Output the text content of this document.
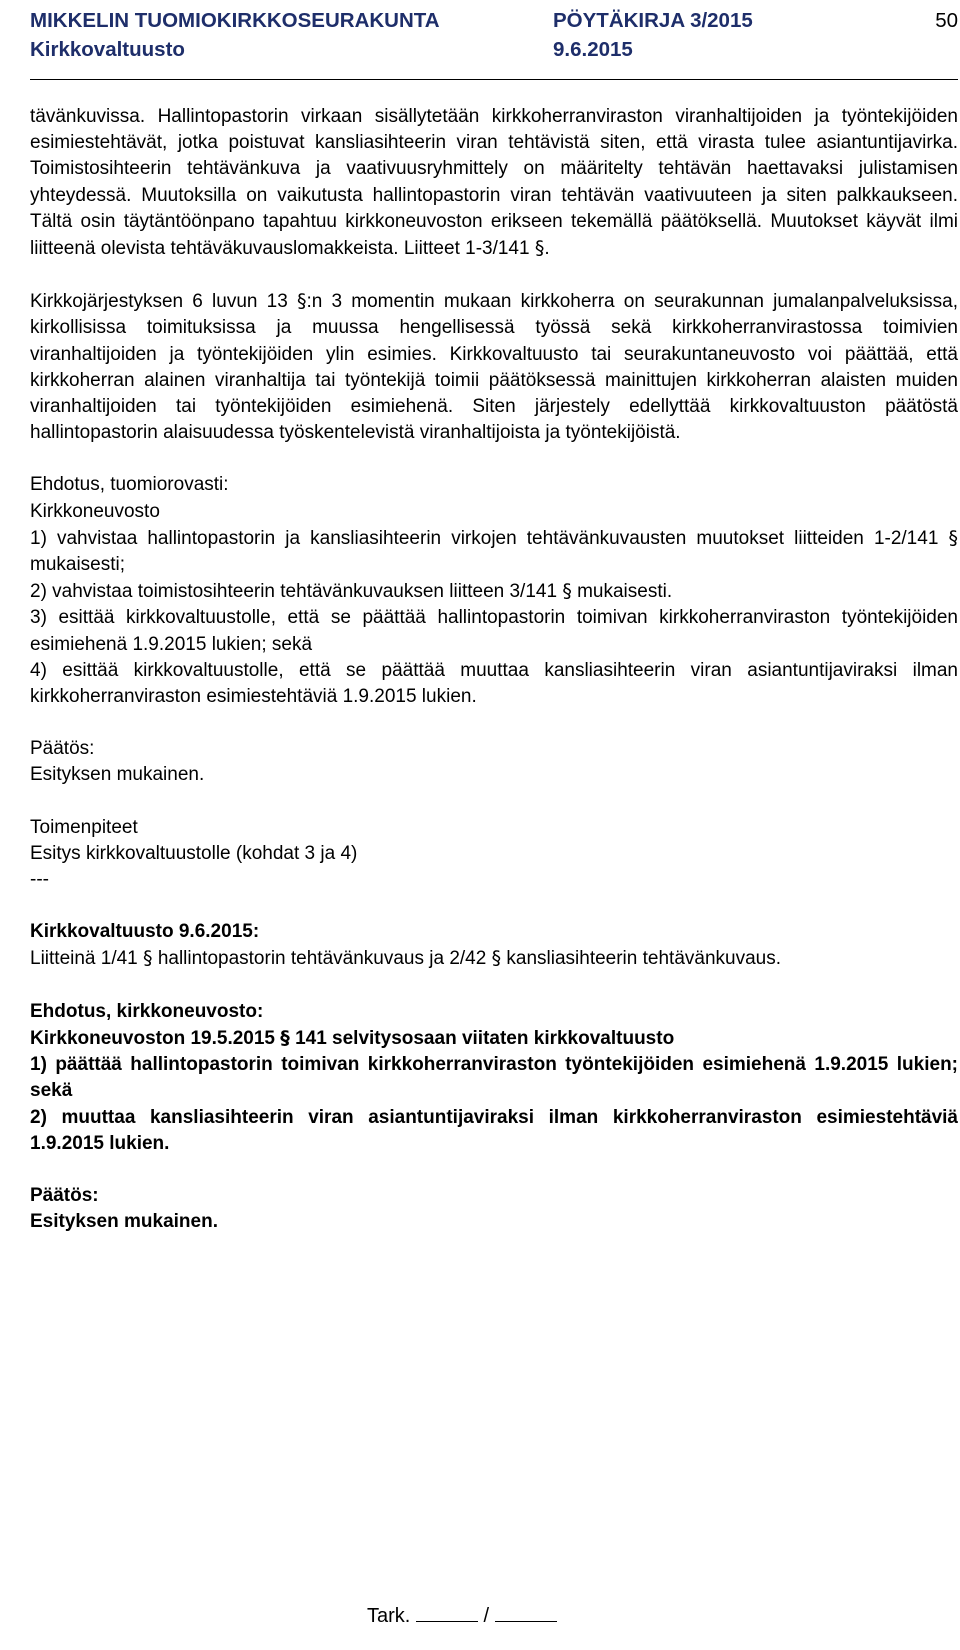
MIKKELIN TUOMIOKIRKKOSEURAKUNTA
Kirkkovaltuusto
PÖYTÄKIRJA 3/2015
9.6.2015
50

tävänkuvissa. Hallintopastorin virkaan sisällytetään kirkkoherranviraston viranhaltijoiden ja työntekijöiden esimiestehtävät, jotka poistuvat kansliasihteerin viran tehtävistä siten, että virasta tulee asiantuntijavirka. Toimistosihteerin tehtävänkuva ja vaativuusryhmittely on määritelty tehtävän haettavaksi julistamisen yhteydessä. Muutoksilla on vaikutusta hallintopastorin viran tehtävän vaativuuteen ja siten palkkaukseen. Tältä osin täytäntöönpano tapahtuu kirkkoneuvoston erikseen tekemällä päätöksellä. Muutokset käyvät ilmi liitteenä olevista tehtäväkuvauslomakkeista. Liitteet 1-3/141 §.

Kirkkojärjestyksen 6 luvun 13 §:n 3 momentin mukaan kirkkoherra on seurakunnan jumalanpalveluksissa, kirkollisissa toimituksissa ja muussa hengellisessä työssä sekä kirkkoherranvirastossa toimivien viranhaltijoiden ja työntekijöiden ylin esimies. Kirkkovaltuusto tai seurakuntaneuvosto voi päättää, että kirkkoherran alainen viranhaltija tai työntekijä toimii päätöksessä mainittujen kirkkoherran alaisten muiden viranhaltijoiden tai työntekijöiden esimiehenä. Siten järjestely edellyttää kirkkovaltuuston päätöstä hallintopastorin alaisuudessa työskentelevistä viranhaltijoista ja työntekijöistä.

Ehdotus, tuomiorovasti:

Kirkkoneuvosto

1) vahvistaa hallintopastorin ja kansliasihteerin virkojen tehtävänkuvausten muutokset liitteiden 1-2/141 § mukaisesti;

2) vahvistaa toimistosihteerin tehtävänkuvauksen liitteen 3/141 § mukaisesti.

3) esittää kirkkovaltuustolle, että se päättää hallintopastorin toimivan kirkkoherranviraston työntekijöiden esimiehenä 1.9.2015 lukien; sekä

4) esittää kirkkovaltuustolle, että se päättää muuttaa kansliasihteerin viran asiantuntijaviraksi ilman kirkkoherranviraston esimiestehtäviä 1.9.2015 lukien.

Päätös:

Esityksen mukainen.

Toimenpiteet

Esitys kirkkovaltuustolle (kohdat 3 ja 4)

---

Kirkkovaltuusto 9.6.2015:

Liitteinä 1/41 § hallintopastorin tehtävänkuvaus ja 2/42 § kansliasihteerin tehtävänkuvaus.

Ehdotus, kirkkoneuvosto:

Kirkkoneuvoston 19.5.2015 § 141 selvitysosaan viitaten kirkkovaltuusto

1) päättää hallintopastorin toimivan kirkkoherranviraston työntekijöiden esimiehenä 1.9.2015 lukien; sekä

2) muuttaa kansliasihteerin viran asiantuntijaviraksi ilman kirkkoherranviraston esimiestehtäviä 1.9.2015 lukien.

Päätös:

Esityksen mukainen.

Tark.	/
